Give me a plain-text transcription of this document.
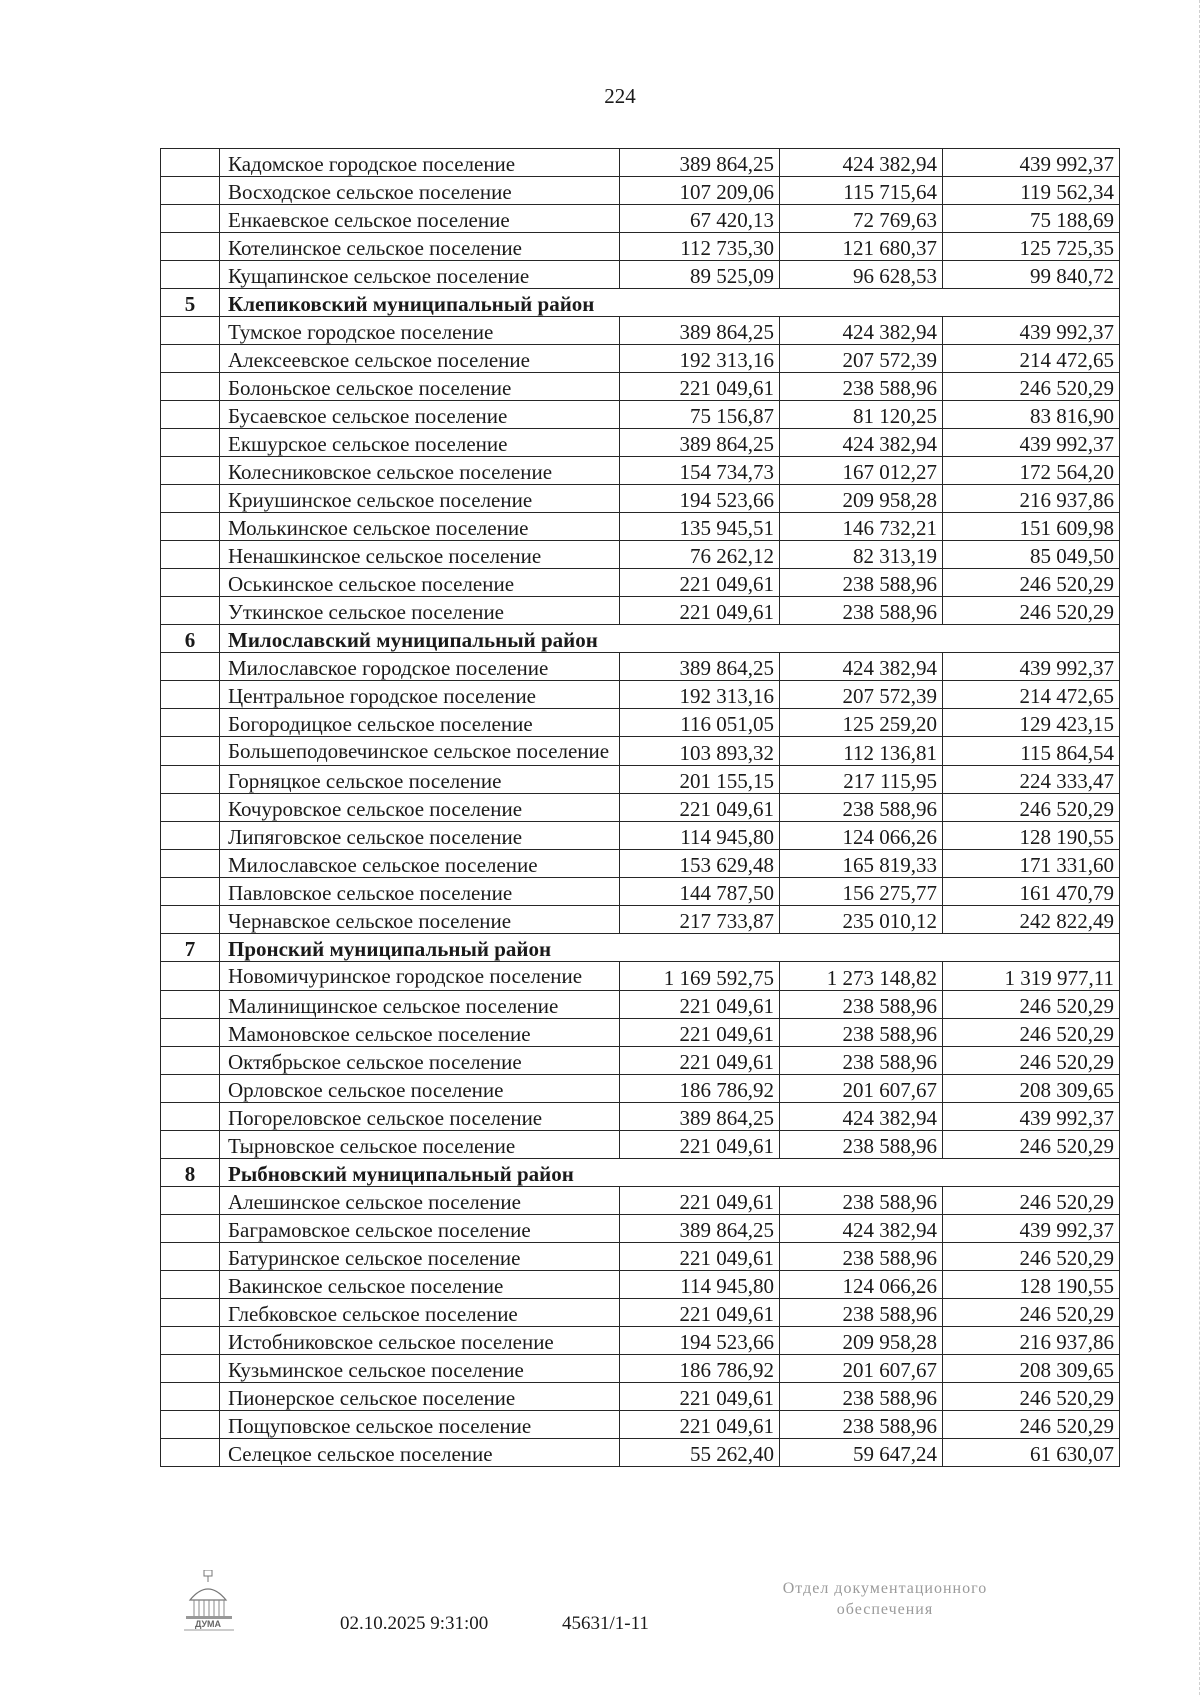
224
	Кадомское городское поселение	389 864,25	424 382,94	439 992,37
	Восходское сельское поселение	107 209,06	115 715,64	119 562,34
	Енкаевское сельское поселение	67 420,13	72 769,63	75 188,69
	Котелинское сельское поселение	112 735,30	121 680,37	125 725,35
	Кущапинское сельское поселение	89 525,09	96 628,53	99 840,72
5	Клепиковский муниципальный район			
	Тумское городское поселение	389 864,25	424 382,94	439 992,37
	Алексеевское сельское поселение	192 313,16	207 572,39	214 472,65
	Болоньское сельское поселение	221 049,61	238 588,96	246 520,29
	Бусаевское сельское поселение	75 156,87	81 120,25	83 816,90
	Екшурское сельское поселение	389 864,25	424 382,94	439 992,37
	Колесниковское сельское поселение	154 734,73	167 012,27	172 564,20
	Криушинское сельское поселение	194 523,66	209 958,28	216 937,86
	Молькинское сельское поселение	135 945,51	146 732,21	151 609,98
	Ненашкинское сельское поселение	76 262,12	82 313,19	85 049,50
	Оськинское сельское поселение	221 049,61	238 588,96	246 520,29
	Уткинское сельское поселение	221 049,61	238 588,96	246 520,29
6	Милославский муниципальный район			
	Милославское городское поселение	389 864,25	424 382,94	439 992,37
	Центральное городское поселение	192 313,16	207 572,39	214 472,65
	Богородицкое сельское поселение	116 051,05	125 259,20	129 423,15
	Большеподовечинское сельское поселение	103 893,32	112 136,81	115 864,54
	Горняцкое сельское поселение	201 155,15	217 115,95	224 333,47
	Кочуровское сельское поселение	221 049,61	238 588,96	246 520,29
	Липяговское сельское поселение	114 945,80	124 066,26	128 190,55
	Милославское сельское поселение	153 629,48	165 819,33	171 331,60
	Павловское сельское поселение	144 787,50	156 275,77	161 470,79
	Чернавское сельское поселение	217 733,87	235 010,12	242 822,49
7	Пронский муниципальный район			
	Новомичуринское городское поселение	1 169 592,75	1 273 148,82	1 319 977,11
	Малинищинское сельское поселение	221 049,61	238 588,96	246 520,29
	Мамоновское сельское поселение	221 049,61	238 588,96	246 520,29
	Октябрьское сельское поселение	221 049,61	238 588,96	246 520,29
	Орловское сельское поселение	186 786,92	201 607,67	208 309,65
	Погореловское сельское поселение	389 864,25	424 382,94	439 992,37
	Тырновское сельское поселение	221 049,61	238 588,96	246 520,29
8	Рыбновский муниципальный район			
	Алешинское сельское поселение	221 049,61	238 588,96	246 520,29
	Баграмовское сельское поселение	389 864,25	424 382,94	439 992,37
	Батуринское сельское поселение	221 049,61	238 588,96	246 520,29
	Вакинское сельское поселение	114 945,80	124 066,26	128 190,55
	Глебковское сельское поселение	221 049,61	238 588,96	246 520,29
	Истобниковское сельское поселение	194 523,66	209 958,28	216 937,86
	Кузьминское сельское поселение	186 786,92	201 607,67	208 309,65
	Пионерское сельское поселение	221 049,61	238 588,96	246 520,29
	Пощуповское сельское поселение	221 049,61	238 588,96	246 520,29
	Селецкое сельское поселение	55 262,40	59 647,24	61 630,07
ДУМА	02.10.2025 9:31:00	45631/1-11
Отдел документационного
обеспечения
